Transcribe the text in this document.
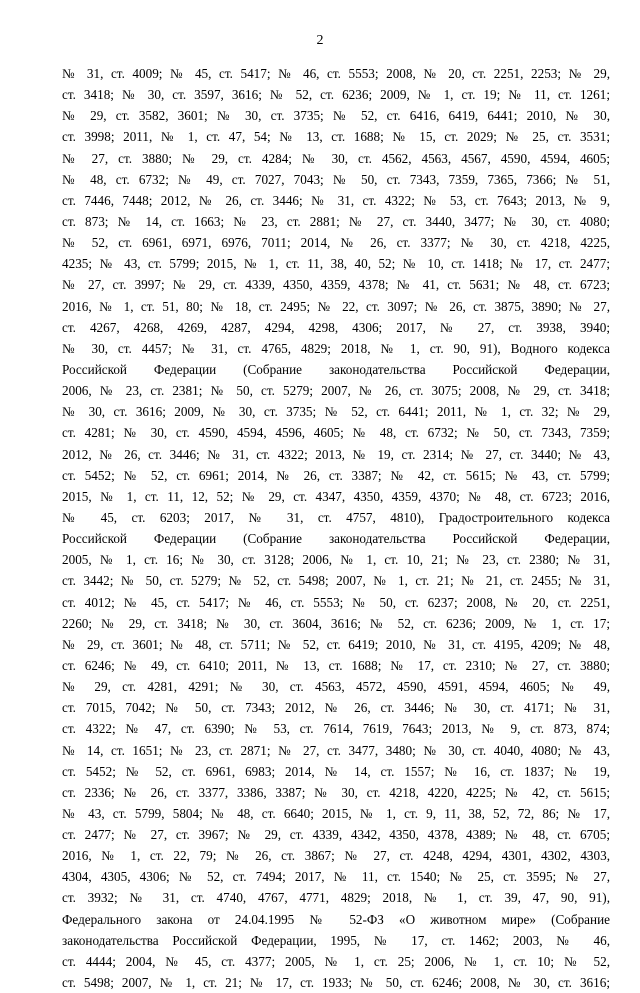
2
№ 31, ст. 4009; № 45, ст. 5417; № 46, ст. 5553; 2008, № 20, ст. 2251, 2253; № 29,
ст. 3418; № 30, ст. 3597, 3616; № 52, ст. 6236; 2009, № 1, ст. 19; № 11, ст. 1261;
№ 29, ст. 3582, 3601; № 30, ст. 3735; № 52, ст. 6416, 6419, 6441; 2010, № 30,
ст. 3998; 2011, № 1, ст. 47, 54; № 13, ст. 1688; № 15, ст. 2029; № 25, ст. 3531;
№ 27, ст. 3880; № 29, ст. 4284; № 30, ст. 4562, 4563, 4567, 4590, 4594, 4605;
№ 48, ст. 6732; № 49, ст. 7027, 7043; № 50, ст. 7343, 7359, 7365, 7366; № 51,
ст. 7446, 7448; 2012, № 26, ст. 3446; № 31, ст. 4322; № 53, ст. 7643; 2013, № 9,
ст. 873; № 14, ст. 1663; № 23, ст. 2881; № 27, ст. 3440, 3477; № 30, ст. 4080;
№ 52, ст. 6961, 6971, 6976, 7011; 2014, № 26, ст. 3377; № 30, ст. 4218, 4225,
4235; № 43, ст. 5799; 2015, № 1, ст. 11, 38, 40, 52; № 10, ст. 1418; № 17, ст. 2477;
№ 27, ст. 3997; № 29, ст. 4339, 4350, 4359, 4378; № 41, ст. 5631; № 48, ст. 6723;
2016, № 1, ст. 51, 80; № 18, ст. 2495; № 22, ст. 3097; № 26, ст. 3875, 3890; № 27,
ст. 4267, 4268, 4269, 4287, 4294, 4298, 4306; 2017, № 27, ст. 3938, 3940;
№ 30, ст. 4457; № 31, ст. 4765, 4829; 2018, № 1, ст. 90, 91), Водного кодекса
Российской Федерации (Собрание законодательства Российской Федерации,
2006, № 23, ст. 2381; № 50, ст. 5279; 2007, № 26, ст. 3075; 2008, № 29, ст. 3418;
№ 30, ст. 3616; 2009, № 30, ст. 3735; № 52, ст. 6441; 2011, № 1, ст. 32; № 29,
ст. 4281; № 30, ст. 4590, 4594, 4596, 4605; № 48, ст. 6732; № 50, ст. 7343, 7359;
2012, № 26, ст. 3446; № 31, ст. 4322; 2013, № 19, ст. 2314; № 27, ст. 3440; № 43,
ст. 5452; № 52, ст. 6961; 2014, № 26, ст. 3387; № 42, ст. 5615; № 43, ст. 5799;
2015, № 1, ст. 11, 12, 52; № 29, ст. 4347, 4350, 4359, 4370; № 48, ст. 6723; 2016,
№ 45, ст. 6203; 2017, № 31, ст. 4757, 4810), Градостроительного кодекса
Российской Федерации (Собрание законодательства Российской Федерации,
2005, № 1, ст. 16; № 30, ст. 3128; 2006, № 1, ст. 10, 21; № 23, ст. 2380; № 31,
ст. 3442; № 50, ст. 5279; № 52, ст. 5498; 2007, № 1, ст. 21; № 21, ст. 2455; № 31,
ст. 4012; № 45, ст. 5417; № 46, ст. 5553; № 50, ст. 6237; 2008, № 20, ст. 2251,
2260; № 29, ст. 3418; № 30, ст. 3604, 3616; № 52, ст. 6236; 2009, № 1, ст. 17;
№ 29, ст. 3601; № 48, ст. 5711; № 52, ст. 6419; 2010, № 31, ст. 4195, 4209; № 48,
ст. 6246; № 49, ст. 6410; 2011, № 13, ст. 1688; № 17, ст. 2310; № 27, ст. 3880;
№ 29, ст. 4281, 4291; № 30, ст. 4563, 4572, 4590, 4591, 4594, 4605; № 49,
ст. 7015, 7042; № 50, ст. 7343; 2012, № 26, ст. 3446; № 30, ст. 4171; № 31,
ст. 4322; № 47, ст. 6390; № 53, ст. 7614, 7619, 7643; 2013, № 9, ст. 873, 874;
№ 14, ст. 1651; № 23, ст. 2871; № 27, ст. 3477, 3480; № 30, ст. 4040, 4080; № 43,
ст. 5452; № 52, ст. 6961, 6983; 2014, № 14, ст. 1557; № 16, ст. 1837; № 19,
ст. 2336; № 26, ст. 3377, 3386, 3387; № 30, ст. 4218, 4220, 4225; № 42, ст. 5615;
№ 43, ст. 5799, 5804; № 48, ст. 6640; 2015, № 1, ст. 9, 11, 38, 52, 72, 86; № 17,
ст. 2477; № 27, ст. 3967; № 29, ст. 4339, 4342, 4350, 4378, 4389; № 48, ст. 6705;
2016, № 1, ст. 22, 79; № 26, ст. 3867; № 27, ст. 4248, 4294, 4301, 4302, 4303,
4304, 4305, 4306; № 52, ст. 7494; 2017, № 11, ст. 1540; № 25, ст. 3595; № 27,
ст. 3932; № 31, ст. 4740, 4767, 4771, 4829; 2018, № 1, ст. 39, 47, 90, 91),
Федерального закона от 24.04.1995 № 52-ФЗ «О животном мире» (Собрание
законодательства Российской Федерации, 1995, № 17, ст. 1462; 2003, № 46,
ст. 4444; 2004, № 45, ст. 4377; 2005, № 1, ст. 25; 2006, № 1, ст. 10; № 52,
ст. 5498; 2007, № 1, ст. 21; № 17, ст. 1933; № 50, ст. 6246; 2008, № 30, ст. 3616;
